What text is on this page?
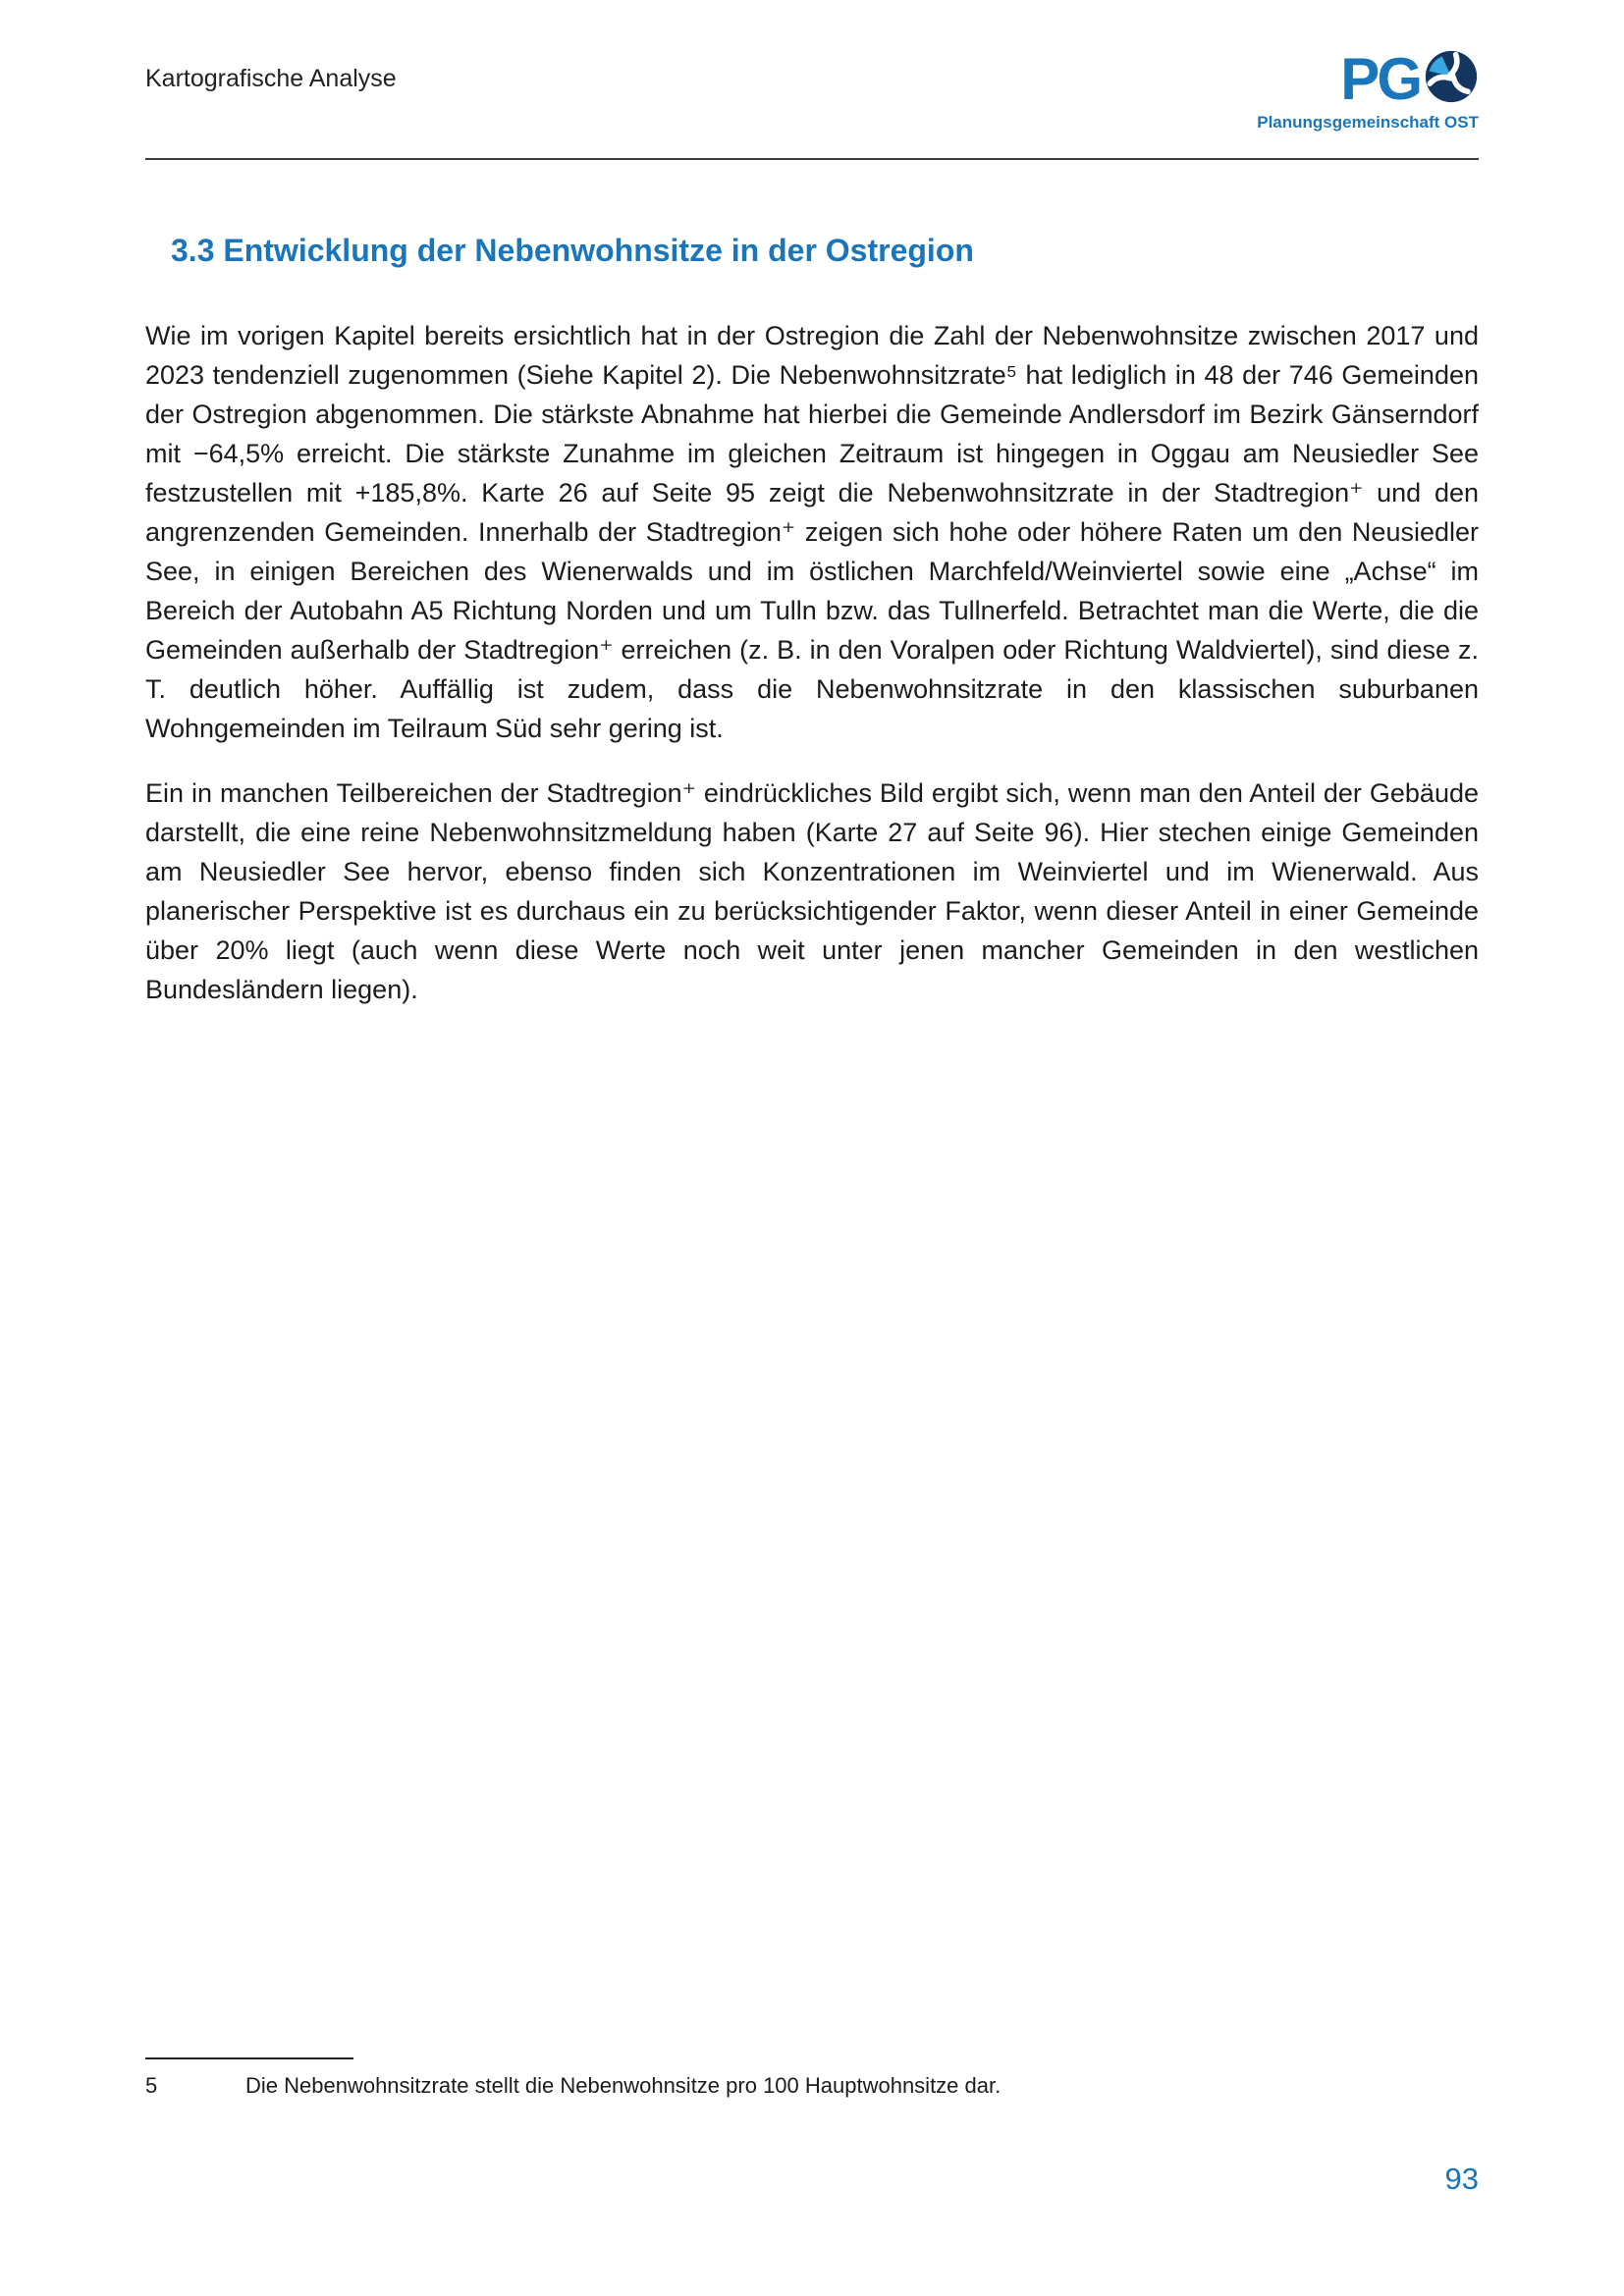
Kartografische Analyse	PG
Planungsgemeinschaft OST
3.3 Entwicklung der Nebenwohnsitze in der Ostregion

Wie im vorigen Kapitel bereits ersichtlich hat in der Ostregion die Zahl der Nebenwohnsitze zwischen 2017 und 2023 tendenziell zugenommen (Siehe Kapitel 2). Die Nebenwohnsitzrate⁵ hat lediglich in 48 der 746 Gemeinden der Ostregion abgenommen. Die stärkste Abnahme hat hierbei die Gemeinde Andlersdorf im Bezirk Gänserndorf mit −64,5% erreicht. Die stärkste Zunahme im gleichen Zeitraum ist hingegen in Oggau am Neusiedler See festzustellen mit +185,8%. Karte 26 auf Seite 95 zeigt die Nebenwohnsitzrate in der Stadtregion⁺ und den angrenzenden Gemeinden. Innerhalb der Stadtregion⁺ zeigen sich hohe oder höhere Raten um den Neusiedler See, in einigen Bereichen des Wienerwalds und im östlichen Marchfeld/Weinviertel sowie eine „Achse“ im Bereich der Autobahn A5 Richtung Norden und um Tulln bzw. das Tullnerfeld. Betrachtet man die Werte, die die Gemeinden außerhalb der Stadtregion⁺ erreichen (z. B. in den Voralpen oder Richtung Waldviertel), sind diese z. T. deutlich höher. Auffällig ist zudem, dass die Nebenwohnsitzrate in den klassischen suburbanen Wohngemeinden im Teilraum Süd sehr gering ist.

Ein in manchen Teilbereichen der Stadtregion⁺ eindrückliches Bild ergibt sich, wenn man den Anteil der Gebäude darstellt, die eine reine Nebenwohnsitzmeldung haben (Karte 27 auf Seite 96). Hier stechen einige Gemeinden am Neusiedler See hervor, ebenso finden sich Konzentrationen im Weinviertel und im Wienerwald. Aus planerischer Perspektive ist es durchaus ein zu berücksichtigender Faktor, wenn dieser Anteil in einer Gemeinde über 20% liegt (auch wenn diese Werte noch weit unter jenen mancher Gemeinden in den westlichen Bundesländern liegen).

5	Die Nebenwohnsitzrate stellt die Nebenwohnsitze pro 100 Hauptwohnsitze dar.
93
